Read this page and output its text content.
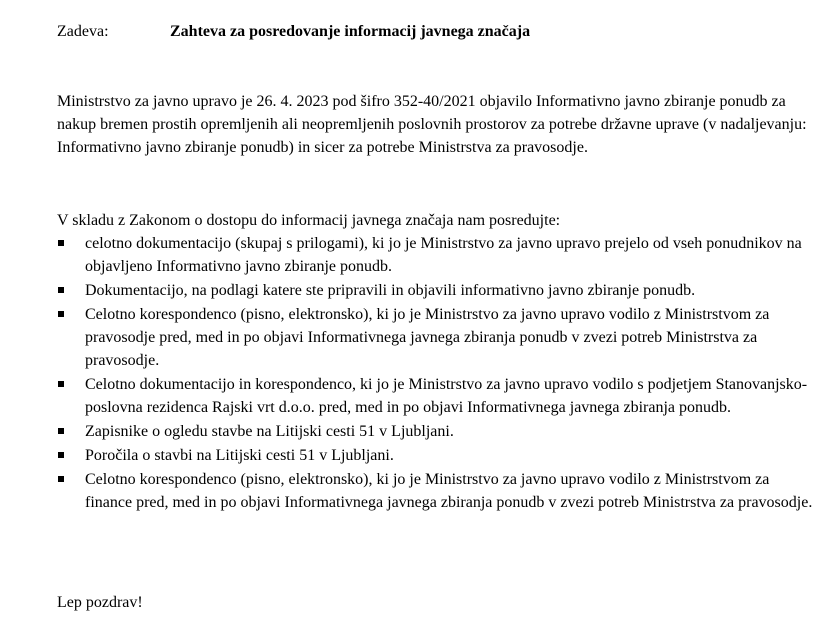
Zadeva:	Zahteva za posredovanje informacij javnega značaja

Ministrstvo za javno upravo je 26. 4. 2023 pod šifro 352-40/2021 objavilo Informativno javno zbiranje ponudb za nakup bremen prostih opremljenih ali neopremljenih poslovnih prostorov za potrebe državne uprave (v nadaljevanju: Informativno javno zbiranje ponudb) in sicer za potrebe Ministrstva za pravosodje.

V skladu z Zakonom o dostopu do informacij javnega značaja nam posredujte:

celotno dokumentacijo (skupaj s prilogami), ki jo je Ministrstvo za javno upravo prejelo od vseh ponudnikov na objavljeno Informativno javno zbiranje ponudb.
Dokumentacijo, na podlagi katere ste pripravili in objavili informativno javno zbiranje ponudb.
Celotno korespondenco (pisno, elektronsko), ki jo je Ministrstvo za javno upravo vodilo z Ministrstvom za pravosodje pred, med in po objavi Informativnega javnega zbiranja ponudb v zvezi potreb Ministrstva za pravosodje.
Celotno dokumentacijo in korespondenco, ki jo je Ministrstvo za javno upravo vodilo s podjetjem Stanovanjsko-poslovna rezidenca Rajski vrt d.o.o. pred, med in po objavi Informativnega javnega zbiranja ponudb.
Zapisnike o ogledu stavbe na Litijski cesti 51 v Ljubljani.
Poročila o stavbi na Litijski cesti 51 v Ljubljani.
Celotno korespondenco (pisno, elektronsko), ki jo je Ministrstvo za javno upravo vodilo z Ministrstvom za finance pred, med in po objavi Informativnega javnega zbiranja ponudb v zvezi potreb Ministrstva za pravosodje.

Lep pozdrav!
